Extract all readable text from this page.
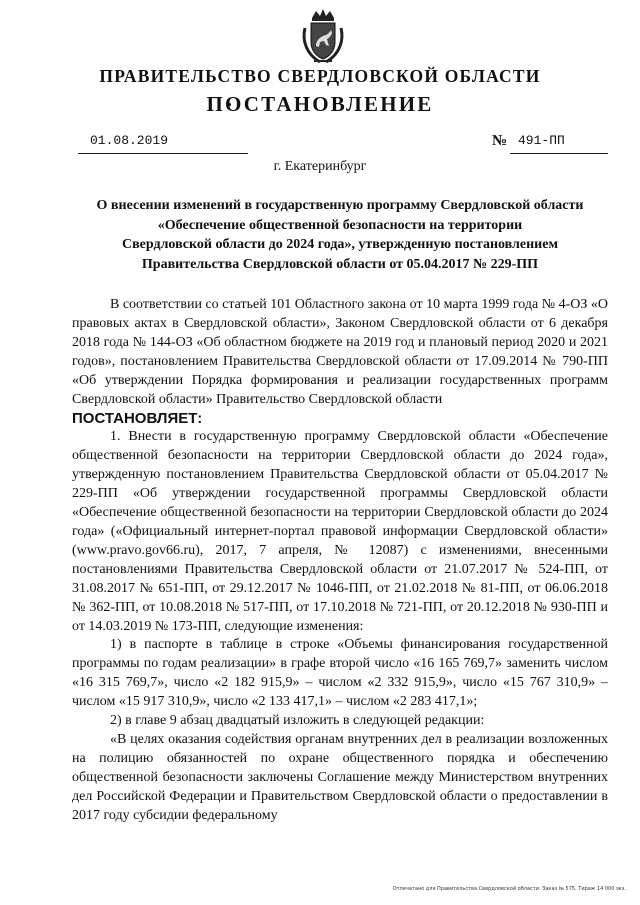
ПРАВИТЕЛЬСТВО СВЕРДЛОВСКОЙ ОБЛАСТИ
ПОСТАНОВЛЕНИЕ
01.08.2019	№ 491-ПП
г. Екатеринбург
О внесении изменений в государственную программу Свердловской области
«Обеспечение общественной безопасности на территории
Свердловской области до 2024 года», утвержденную постановлением
Правительства Свердловской области от 05.04.2017 № 229-ПП

В соответствии со статьей 101 Областного закона от 10 марта 1999 года № 4-ОЗ «О правовых актах в Свердловской области», Законом Свердловской области от 6 декабря 2018 года № 144-ОЗ «Об областном бюджете на 2019 год и плановый период 2020 и 2021 годов», постановлением Правительства Свердловской области от 17.09.2014 № 790-ПП «Об утверждении Порядка формирования и реализации государственных программ Свердловской области» Правительство Свердловской области

ПОСТАНОВЛЯЕТ:

1. Внести в государственную программу Свердловской области «Обеспечение общественной безопасности на территории Свердловской области до 2024 года», утвержденную постановлением Правительства Свердловской области от 05.04.2017 № 229-ПП «Об утверждении государственной программы Свердловской области «Обеспечение общественной безопасности на территории Свердловской области до 2024 года» («Официальный интернет-портал правовой информации Свердловской области» (www.pravo.gov66.ru), 2017, 7 апреля, № 12087) с изменениями, внесенными постановлениями Правительства Свердловской области от 21.07.2017 № 524-ПП, от 31.08.2017 № 651-ПП, от 29.12.2017 № 1046-ПП, от 21.02.2018 № 81-ПП, от 06.06.2018 № 362-ПП, от 10.08.2018 № 517-ПП, от 17.10.2018 № 721-ПП, от 20.12.2018 № 930-ПП и от 14.03.2019 № 173-ПП, следующие изменения:

1) в паспорте в таблице в строке «Объемы финансирования государственной программы по годам реализации» в графе второй число «16 165 769,7» заменить числом «16 315 769,7», число «2 182 915,9» – числом «2 332 915,9», число «15 767 310,9» – числом «15 917 310,9», число «2 133 417,1» – числом «2 283 417,1»;

2) в главе 9 абзац двадцатый изложить в следующей редакции:

«В целях оказания содействия органам внутренних дел в реализации возложенных на полицию обязанностей по охране общественного порядка и обеспечению общественной безопасности заключены Соглашение между Министерством внутренних дел Российской Федерации и Правительством Свердловской области о предоставлении в 2017 году субсидии федеральному

Отпечатано для Правительства Свердловской области. Заказ № 575. Тираж 14 000 экз.
